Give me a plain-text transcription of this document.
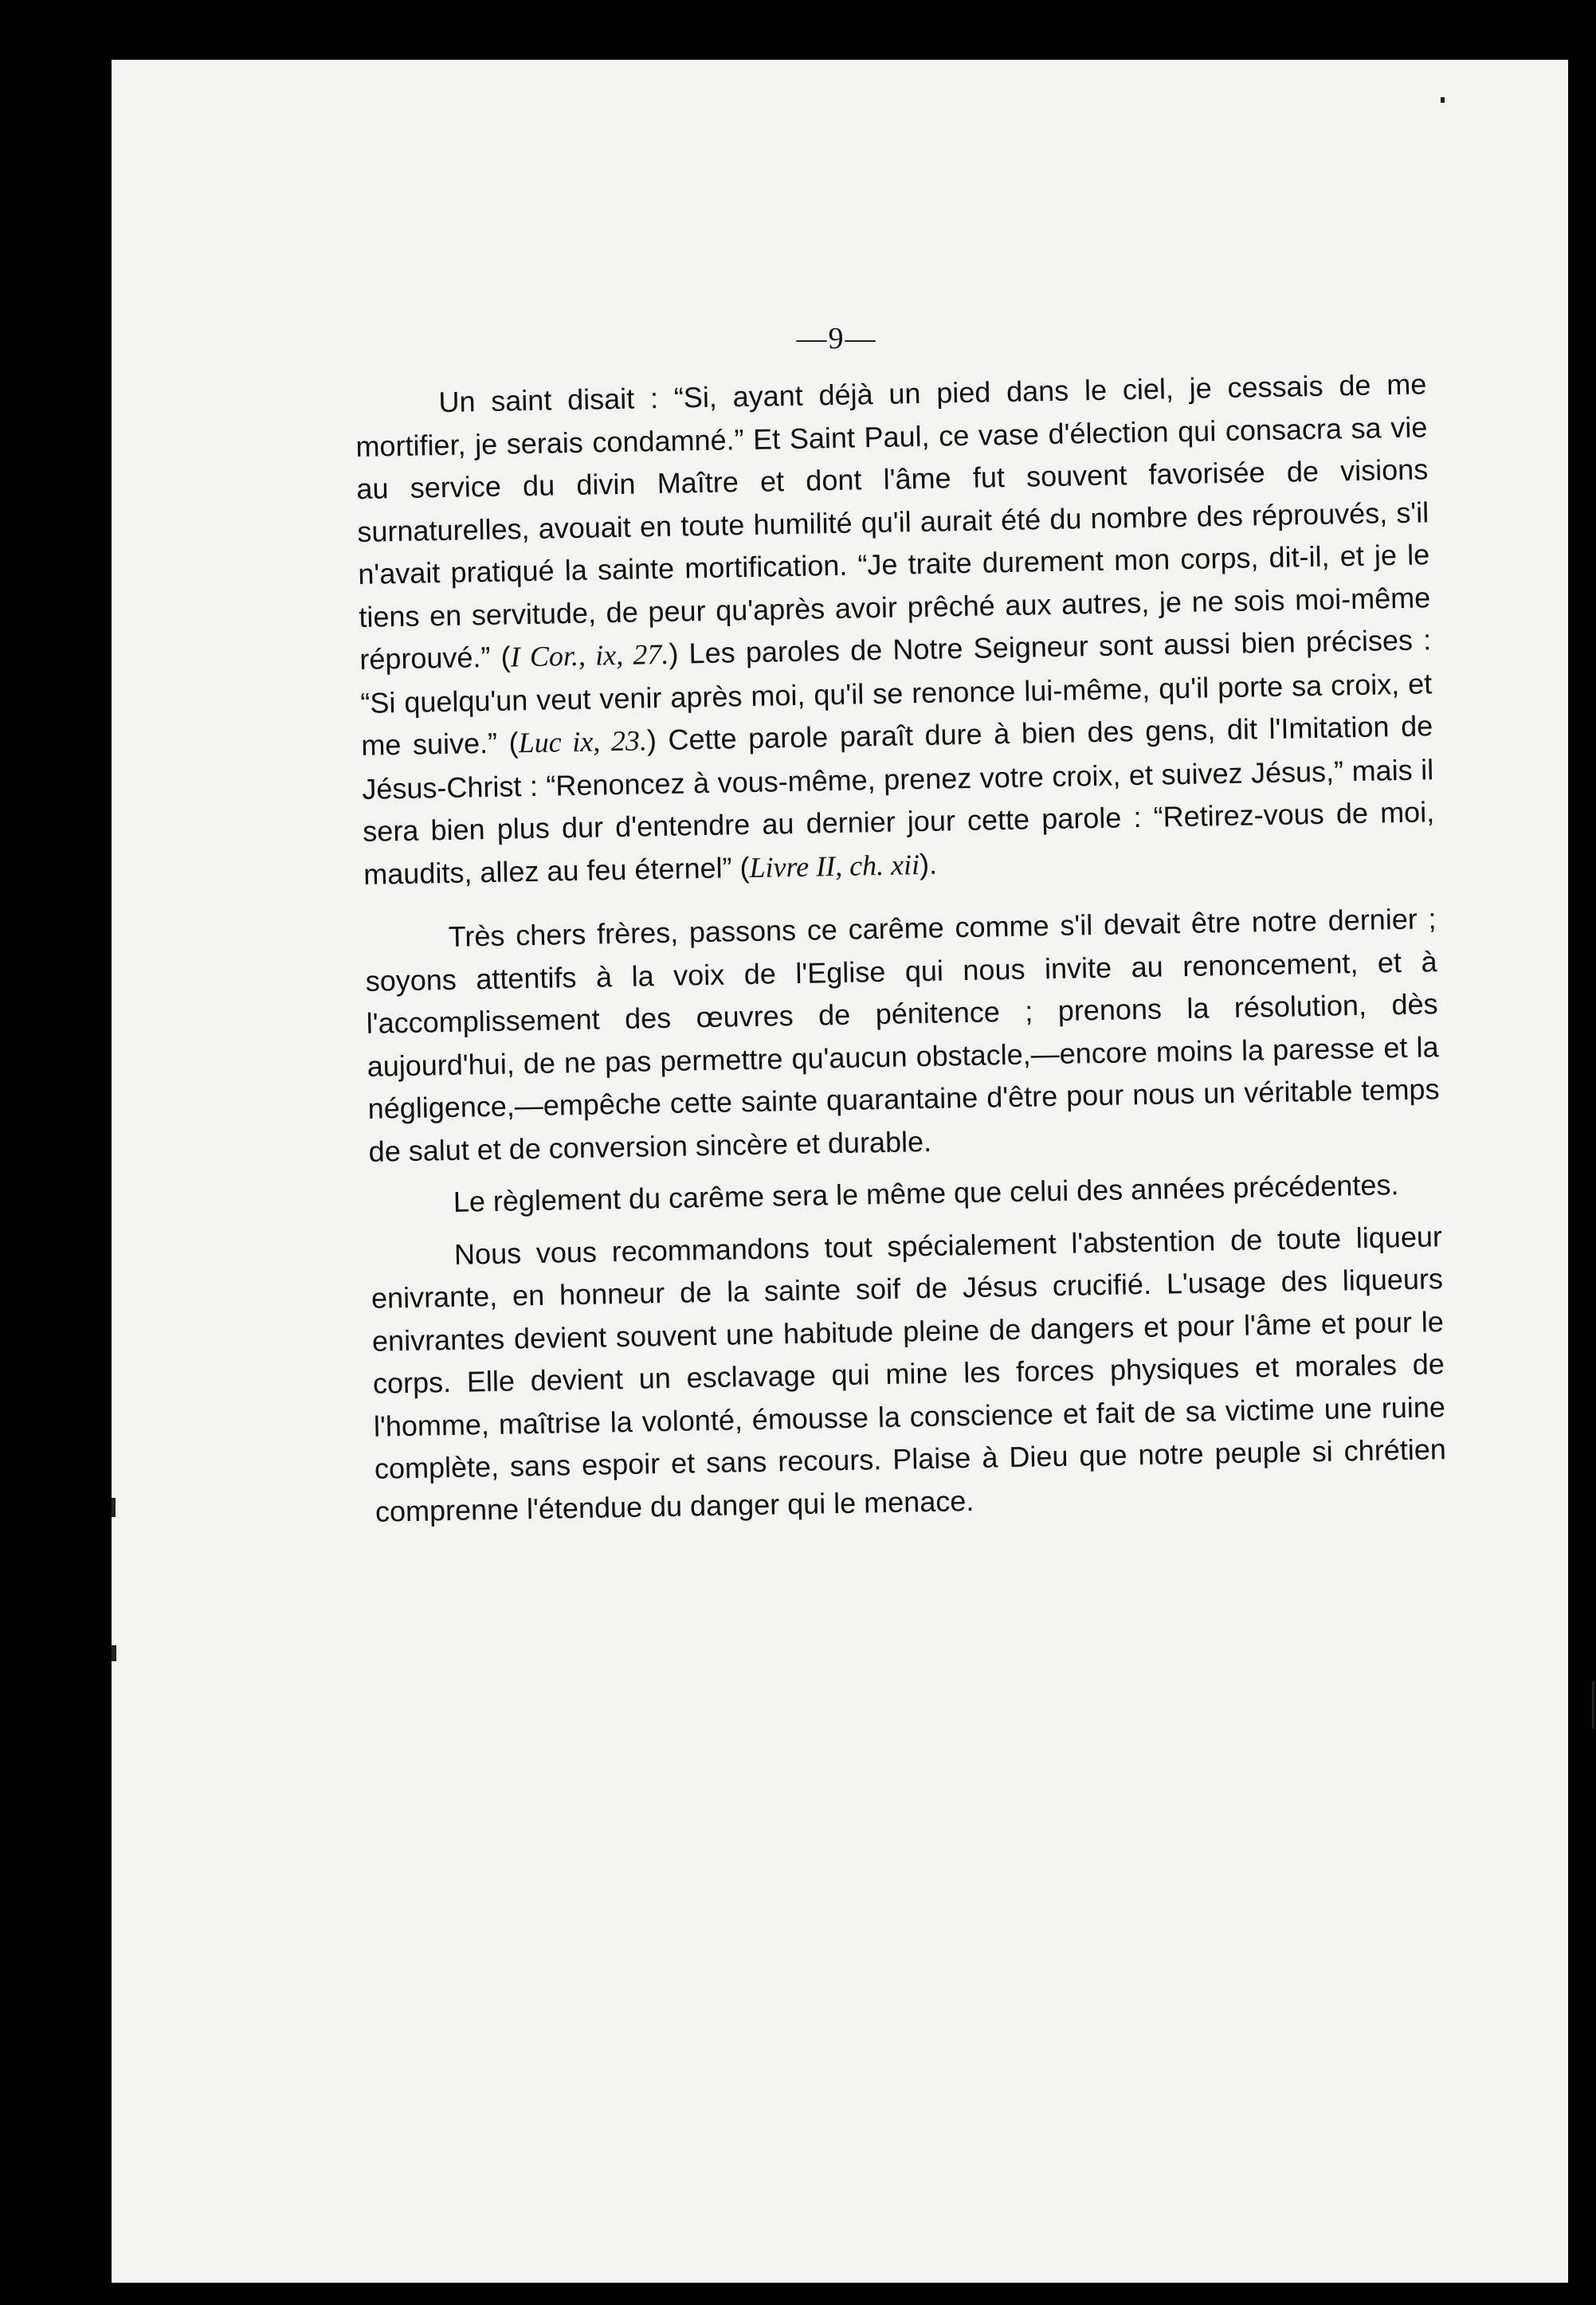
—9—

Un saint disait : “Si, ayant déjà un pied dans le ciel, je cessais de me mortifier, je serais condamné.” Et Saint Paul, ce vase d'élection qui consacra sa vie au service du divin Maître et dont l'âme fut souvent favorisée de visions surnaturelles, avouait en toute humilité qu'il aurait été du nombre des réprouvés, s'il n'avait pratiqué la sainte mortification. “Je traite durement mon corps, dit-il, et je le tiens en servitude, de peur qu'après avoir prêché aux autres, je ne sois moi-même réprouvé.” (I Cor., ix, 27.) Les paroles de Notre Seigneur sont aussi bien précises : “Si quelqu'un veut venir après moi, qu'il se renonce lui-même, qu'il porte sa croix, et me suive.” (Luc ix, 23.) Cette parole paraît dure à bien des gens, dit l'Imitation de Jésus-Christ : “Renoncez à vous-même, prenez votre croix, et suivez Jésus,” mais il sera bien plus dur d'entendre au dernier jour cette parole : “Retirez-vous de moi, maudits, allez au feu éternel” (Livre II, ch. xii).

Très chers frères, passons ce carême comme s'il devait être notre dernier ; soyons attentifs à la voix de l'Eglise qui nous invite au renoncement, et à l'accomplissement des œuvres de pénitence ; prenons la résolution, dès aujourd'hui, de ne pas permettre qu'aucun obstacle,—encore moins la paresse et la négligence,—empêche cette sainte quarantaine d'être pour nous un véritable temps de salut et de conversion sincère et durable.

Le règlement du carême sera le même que celui des années précédentes.

Nous vous recommandons tout spécialement l'abstention de toute liqueur enivrante, en honneur de la sainte soif de Jésus crucifié. L'usage des liqueurs enivrantes devient souvent une habitude pleine de dangers et pour l'âme et pour le corps. Elle devient un esclavage qui mine les forces physiques et morales de l'homme, maîtrise la volonté, émousse la conscience et fait de sa victime une ruine complète, sans espoir et sans recours. Plaise à Dieu que notre peuple si chrétien comprenne l'étendue du danger qui le menace.
